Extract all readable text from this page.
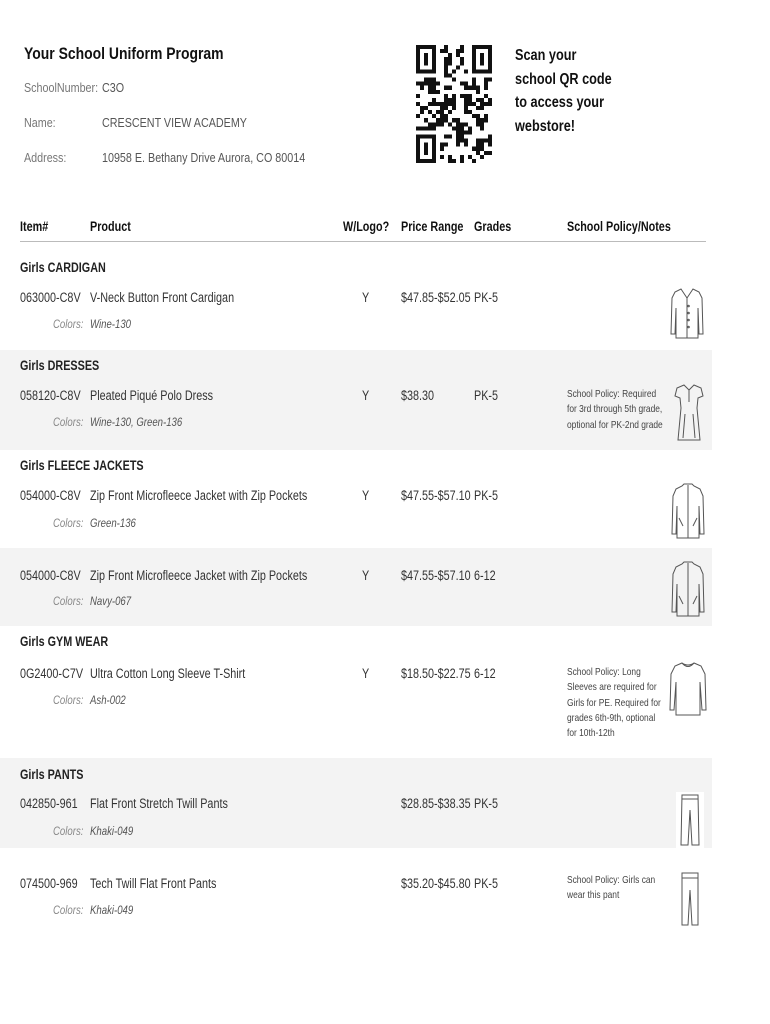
Your School Uniform Program
SchoolNumber: C3O
Name:	CRESCENT VIEW ACADEMY
Address:	10958 E. Bethany Drive Aurora, CO 80014
Scan your
school QR code
to access your
webstore!
Item#	Product	W/Logo? Price Range Grades	School Policy/Notes
Girls CARDIGAN
063000-C8V V-Neck Button Front Cardigan	Y $47.85-$52.05 PK-5
Colors: Wine-130
Girls DRESSES
058120-C8V Pleated Piqué Polo Dress	Y $38.30	PK-5
Colors: Wine-130, Green-136
School Policy: Required
for 3rd through 5th grade,
optional for PK-2nd grade
Girls FLEECE JACKETS
054000-C8V Zip Front Microfleece Jacket with Zip Pockets	Y $47.55-$57.10 PK-5
Colors: Green-136
054000-C8V Zip Front Microfleece Jacket with Zip Pockets	Y $47.55-$57.10 6-12
Colors: Navy-067
Girls GYM WEAR
0G2400-C7V Ultra Cotton Long Sleeve T-Shirt	Y $18.50-$22.75 6-12
Colors: Ash-002
School Policy: Long
Sleeves are required for
Girls for PE. Required for
grades 6th-9th, optional
for 10th-12th
Girls PANTS
042850-961 Flat Front Stretch Twill Pants	$28.85-$38.35 PK-5
Colors: Khaki-049
074500-969 Tech Twill Flat Front Pants	$35.20-$45.80 PK-5
Colors: Khaki-049
School Policy: Girls can
wear this pant
